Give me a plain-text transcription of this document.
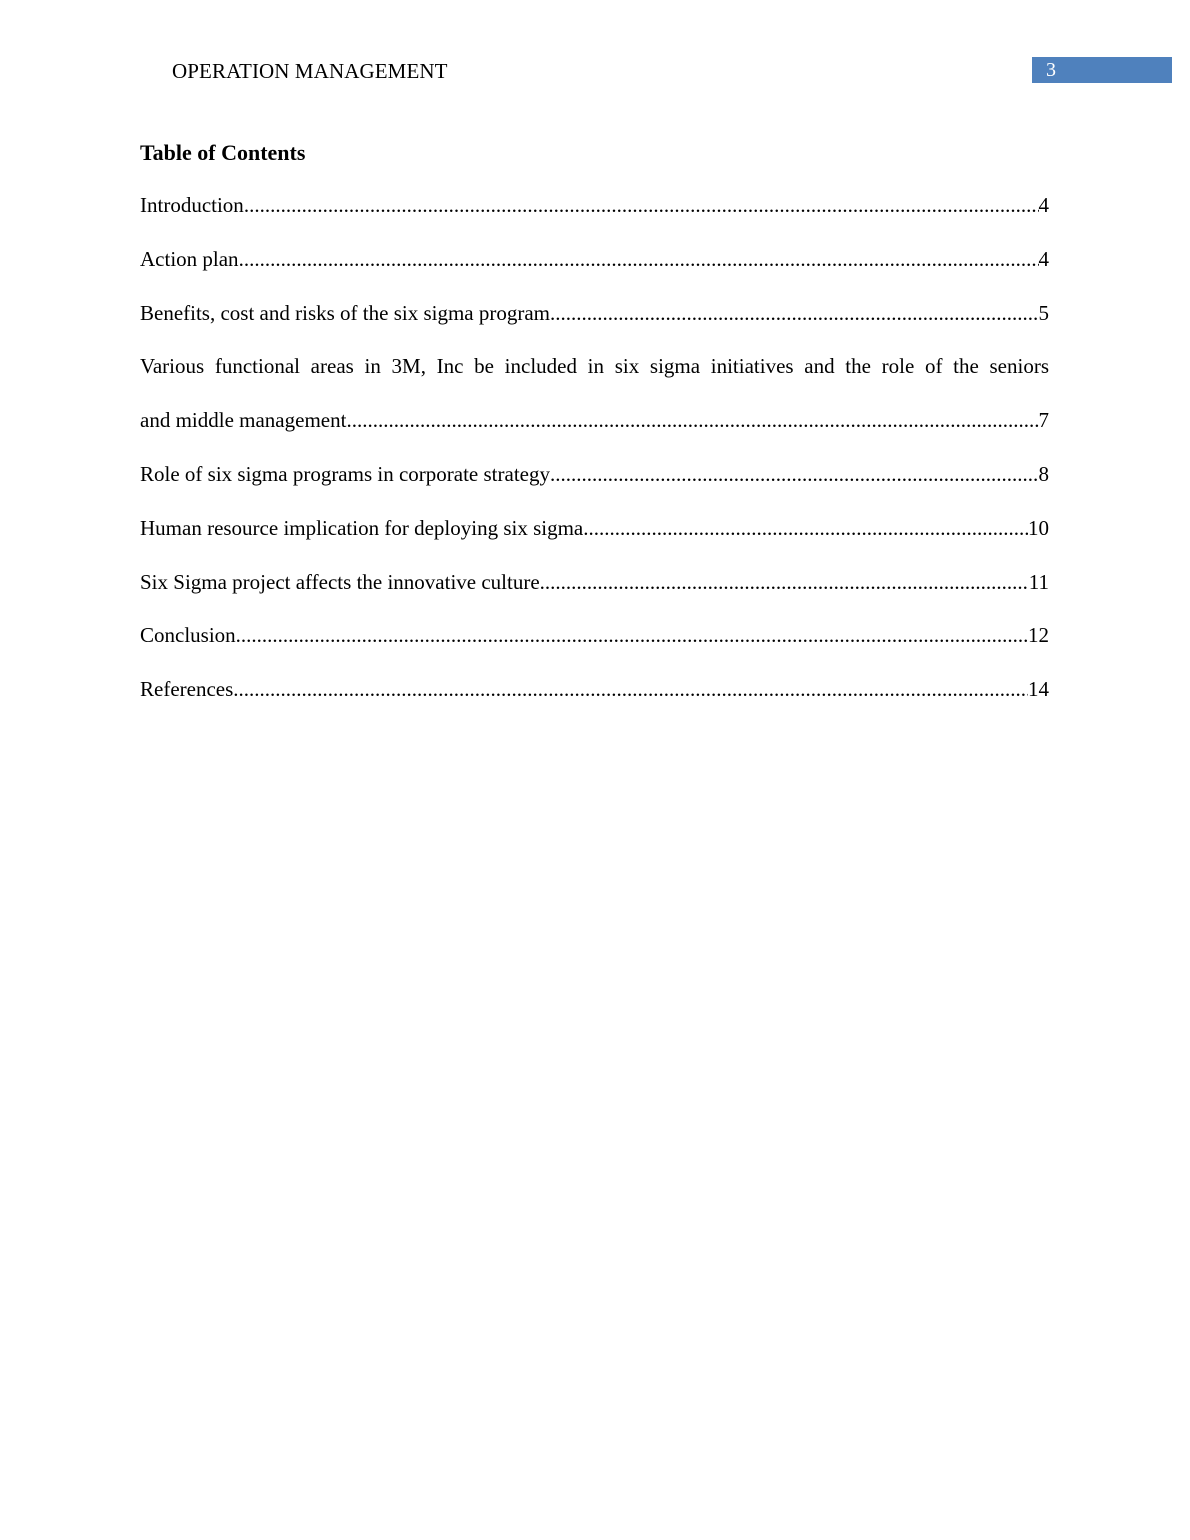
OPERATION MANAGEMENT	3
Table of Contents
Introduction .....	4
Action plan .....	4
Benefits, cost and risks of the six sigma program .....	5
Various functional areas in 3M, Inc be included in six sigma initiatives and the role of the seniors
and middle management .....	7
Role of six sigma programs in corporate strategy .....	8
Human resource implication for deploying six sigma .....	10
Six Sigma project affects the innovative culture .....	11
Conclusion .....	12
References .....	14
